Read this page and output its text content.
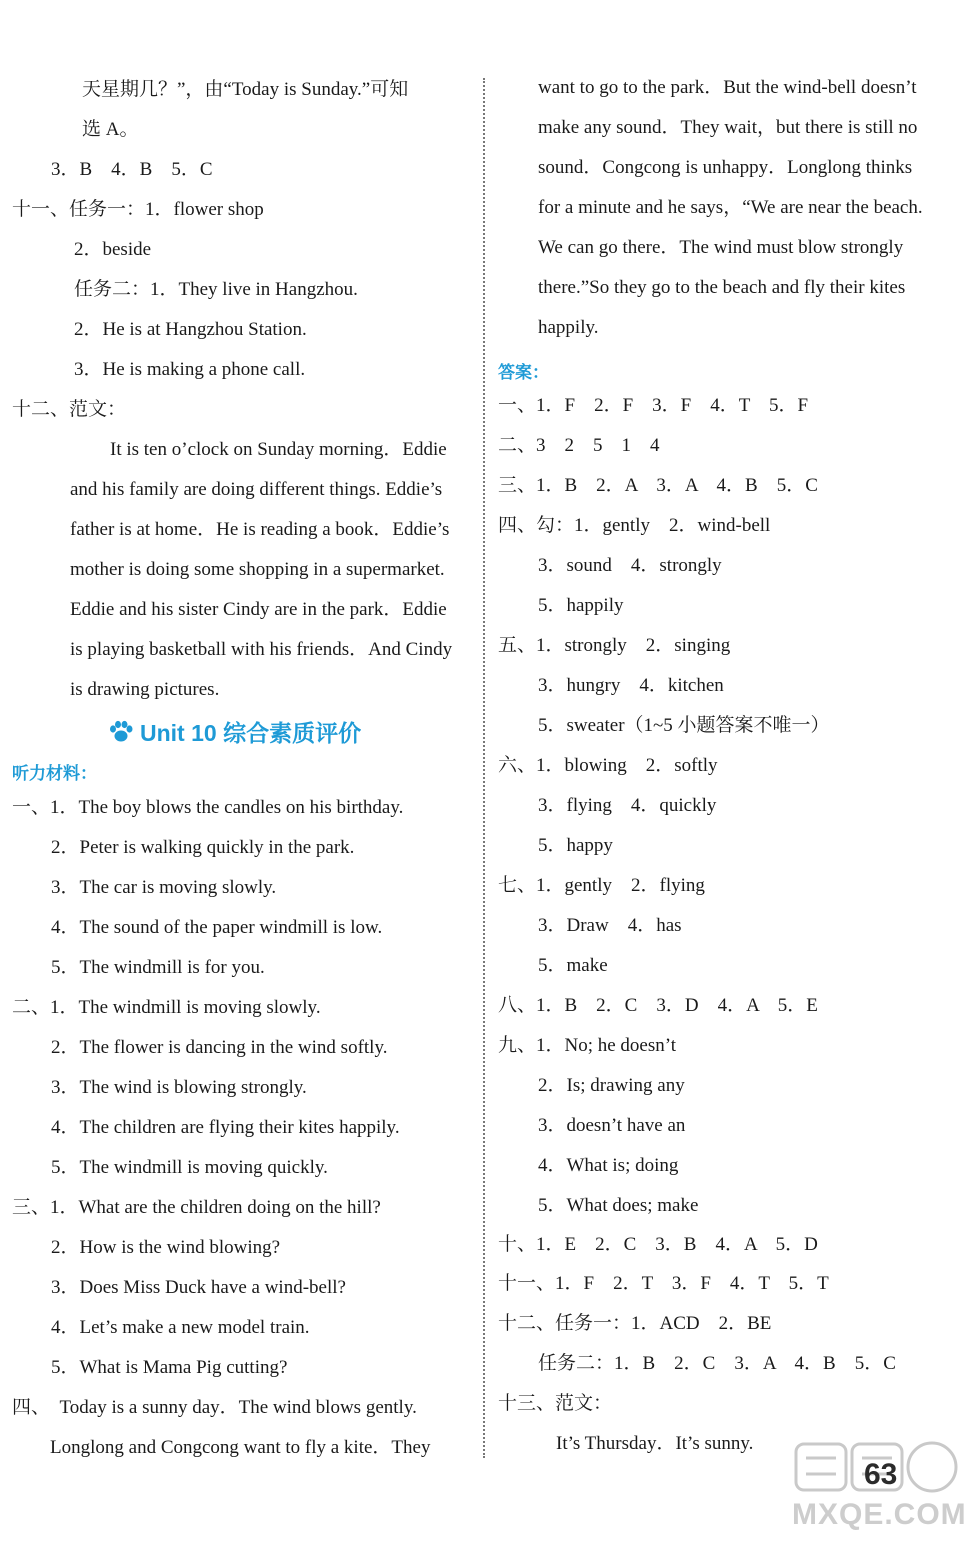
天星期几？”，由“Today is Sunday.”可知
选 A。
3．B　4．B　5．C
十一、任务一：1．flower shop
2．beside
任务二：1．They live in Hangzhou.
2．He is at Hangzhou Station.
3．He is making a phone call.
十二、范文：
It is ten o’clock on Sunday morning．Eddie
and his family are doing different things. Eddie’s
father is at home．He is reading a book．Eddie’s
mother is doing some shopping in a supermarket.
Eddie and his sister Cindy are in the park．Eddie
is playing basketball with his friends．And Cindy
is drawing pictures.
Unit 10 综合素质评价
听力材料：
一、1．The boy blows the candles on his birthday.
2．Peter is walking quickly in the park.
3．The car is moving slowly.
4．The sound of the paper windmill is low.
5．The windmill is for you.
二、1．The windmill is moving slowly.
2．The flower is dancing in the wind softly.
3．The wind is blowing strongly.
4．The children are flying their kites happily.
5．The windmill is moving quickly.
三、1．What are the children doing on the hill?
2．How is the wind blowing?
3．Does Miss Duck have a wind-bell?
4．Let’s make a new model train.
5．What is Mama Pig cutting?
四、　Today is a sunny day．The wind blows gently.
Longlong and Congcong want to fly a kite．They
want to go to the park．But the wind-bell doesn’t
make any sound．They wait，but there is still no
sound．Congcong is unhappy．Longlong thinks
for a minute and he says，“We are near the beach.
We can go there．The wind must blow strongly
there.”So they go to the beach and fly their kites
happily.
答案：
一、1．F　2．F　3．F　4．T　5．F
二、3　2　5　1　4
三、1．B　2．A　3．A　4．B　5．C
四、勾：1．gently　2．wind-bell
3．sound　4．strongly
5．happily
五、1．strongly　2．singing
3．hungry　4．kitchen
5．sweater（1~5 小题答案不唯一）
六、1．blowing　2．softly
3．flying　4．quickly
5．happy
七、1．gently　2．flying
3．Draw　4．has
5．make
八、1．B　2．C　3．D　4．A　5．E
九、1．No; he doesn’t
2．Is; drawing any
3．doesn’t have an
4．What is; doing
5．What does; make
十、1．E　2．C　3．B　4．A　5．D
十一、1．F　2．T　3．F　4．T　5．T
十二、任务一：1．ACD　2．BE
任务二：1．B　2．C　3．A　4．B　5．C
十三、范文：
It’s Thursday．It’s sunny.
MXQE.COM
63
